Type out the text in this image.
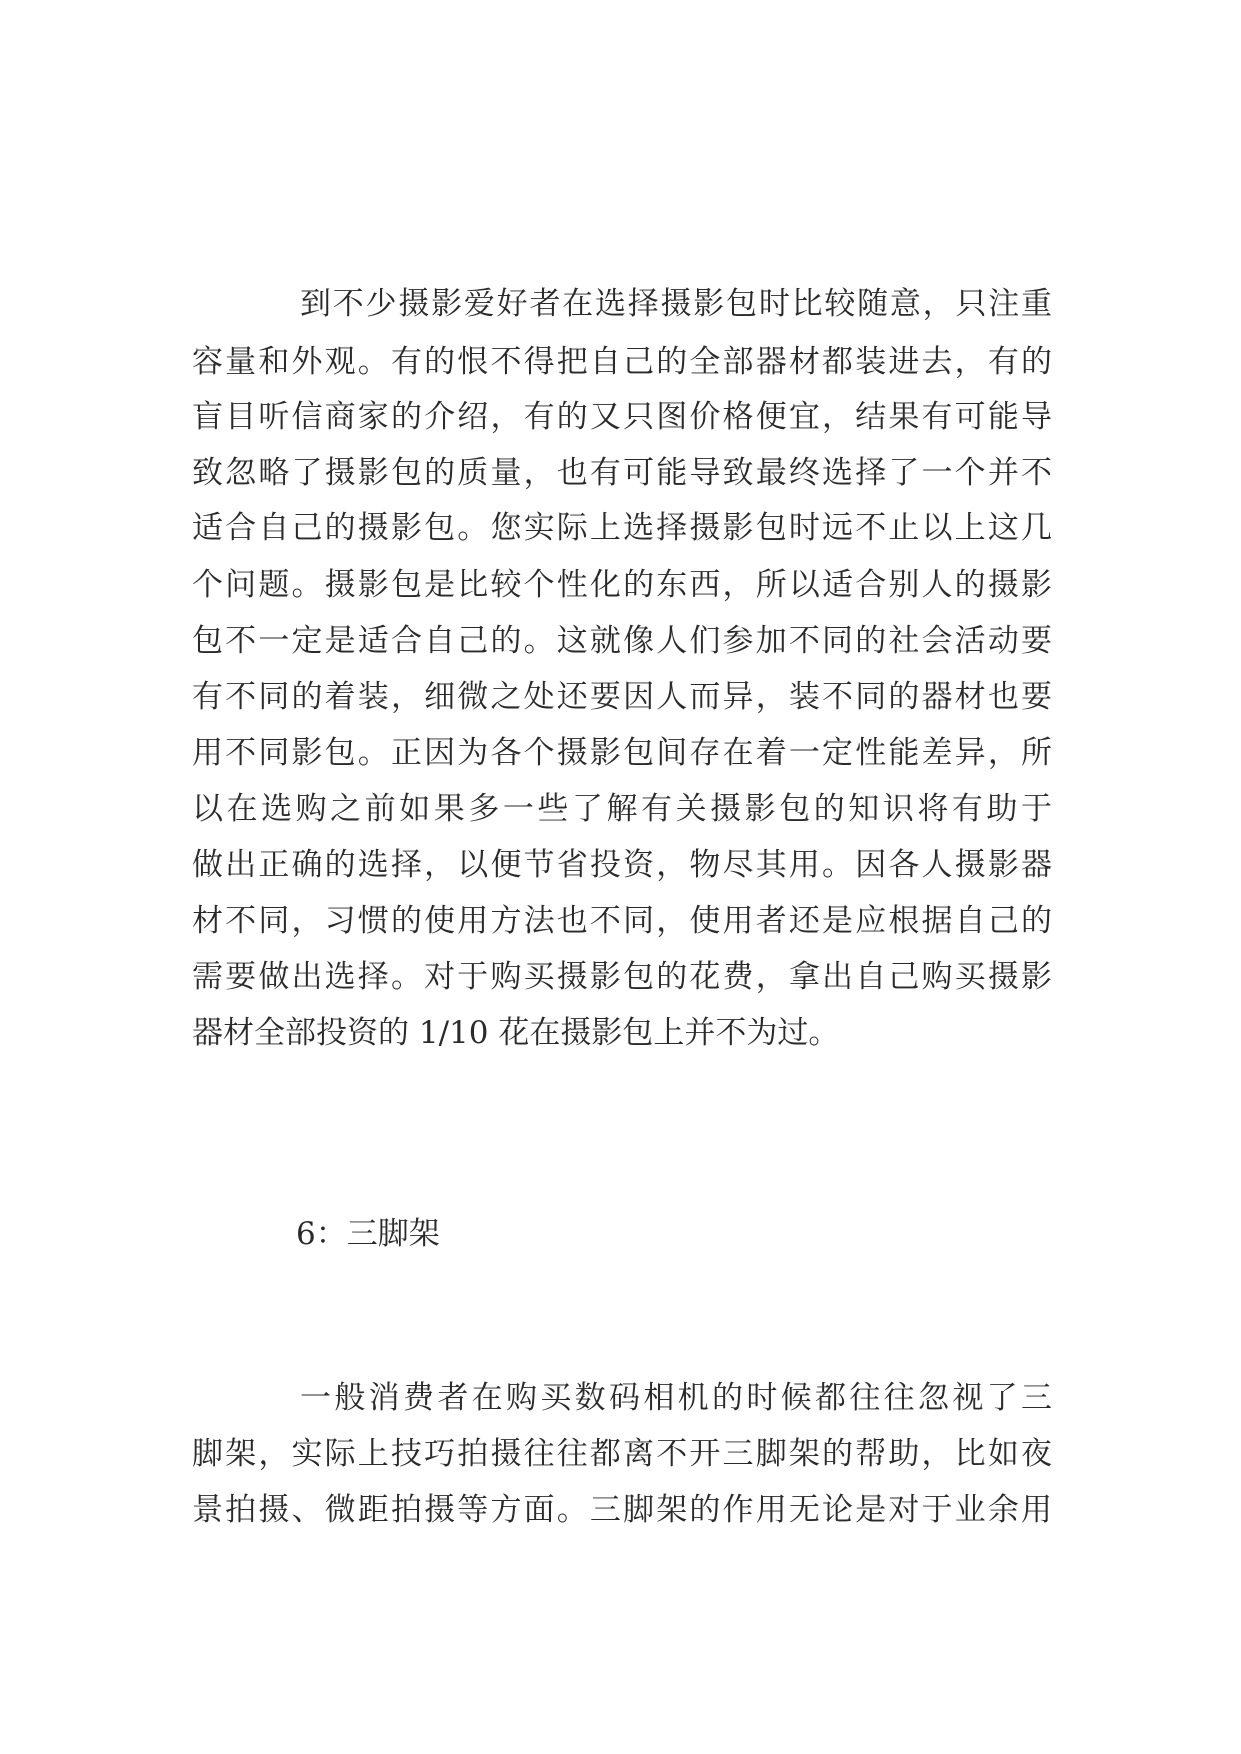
到不少摄影爱好者在选择摄影包时比较随意，只注重
容量和外观。有的恨不得把自己的全部器材都装进去，有的
盲目听信商家的介绍，有的又只图价格便宜，结果有可能导
致忽略了摄影包的质量，也有可能导致最终选择了一个并不
适合自己的摄影包。您实际上选择摄影包时远不止以上这几
个问题。摄影包是比较个性化的东西，所以适合别人的摄影
包不一定是适合自己的。这就像人们参加不同的社会活动要
有不同的着装，细微之处还要因人而异，装不同的器材也要
用不同影包。正因为各个摄影包间存在着一定性能差异，所
以在选购之前如果多一些了解有关摄影包的知识将有助于
做出正确的选择，以便节省投资，物尽其用。因各人摄影器
材不同，习惯的使用方法也不同，使用者还是应根据自己的
需要做出选择。对于购买摄影包的花费，拿出自己购买摄影
器材全部投资的 1/10 花在摄影包上并不为过。
6：三脚架
一般消费者在购买数码相机的时候都往往忽视了三
脚架，实际上技巧拍摄往往都离不开三脚架的帮助，比如夜
景拍摄、微距拍摄等方面。三脚架的作用无论是对于业余用
